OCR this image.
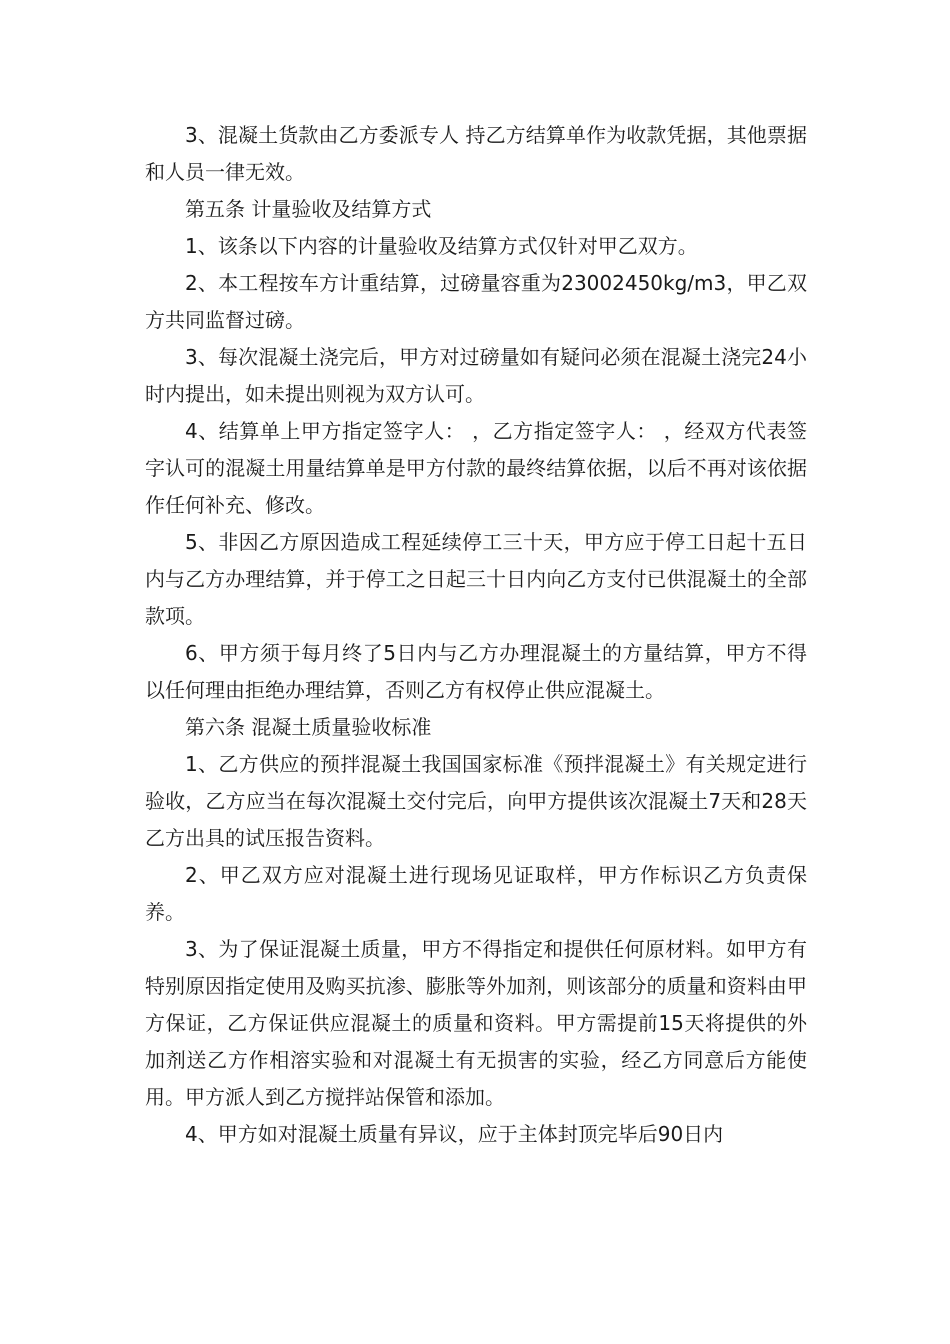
3、混凝土货款由乙方委派专人 持乙方结算单作为收款凭据，其他票据和人员一律无效。

第五条 计量验收及结算方式

1、该条以下内容的计量验收及结算方式仅针对甲乙双方。

2、本工程按车方计重结算，过磅量容重为23002450kg/m3，甲乙双方共同监督过磅。

3、每次混凝土浇完后，甲方对过磅量如有疑问必须在混凝土浇完24小时内提出，如未提出则视为双方认可。

4、结算单上甲方指定签字人： ，乙方指定签字人： ，经双方代表签字认可的混凝土用量结算单是甲方付款的最终结算依据，以后不再对该依据作任何补充、修改。

5、非因乙方原因造成工程延续停工三十天，甲方应于停工日起十五日内与乙方办理结算，并于停工之日起三十日内向乙方支付已供混凝土的全部款项。

6、甲方须于每月终了5日内与乙方办理混凝土的方量结算，甲方不得以任何理由拒绝办理结算，否则乙方有权停止供应混凝土。

第六条 混凝土质量验收标准

1、乙方供应的预拌混凝土我国国家标准《预拌混凝土》有关规定进行验收，乙方应当在每次混凝土交付完后，向甲方提供该次混凝土7天和28天乙方出具的试压报告资料。

2、甲乙双方应对混凝土进行现场见证取样，甲方作标识乙方负责保养。

3、为了保证混凝土质量，甲方不得指定和提供任何原材料。如甲方有特别原因指定使用及购买抗渗、膨胀等外加剂，则该部分的质量和资料由甲方保证，乙方保证供应混凝土的质量和资料。甲方需提前15天将提供的外加剂送乙方作相溶实验和对混凝土有无损害的实验，经乙方同意后方能使用。甲方派人到乙方搅拌站保管和添加。

4、甲方如对混凝土质量有异议，应于主体封顶完毕后90日内
